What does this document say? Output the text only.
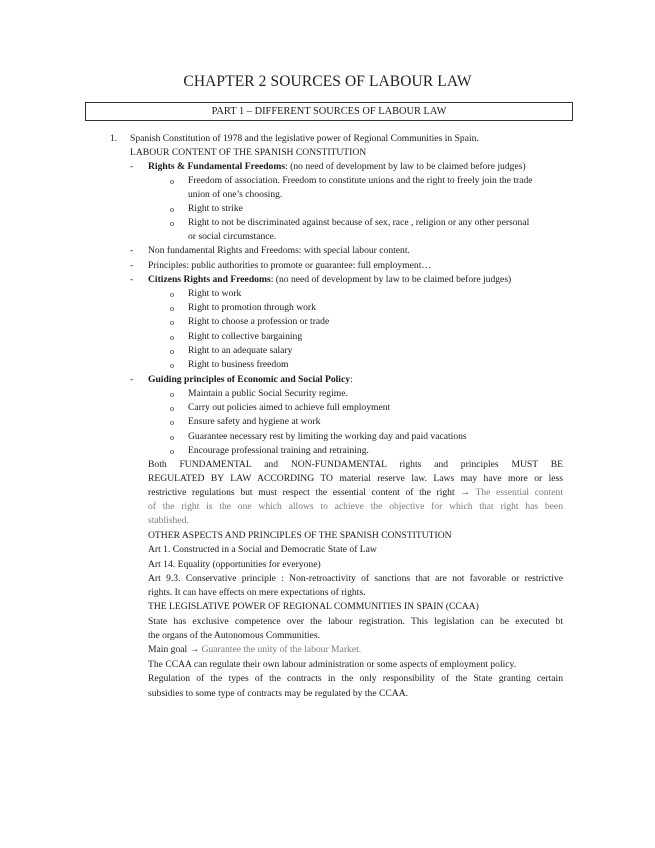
CHAPTER 2 SOURCES OF LABOUR LAW
PART 1 – DIFFERENT SOURCES OF LABOUR LAW
1. Spanish Constitution of 1978 and the legislative power of Regional Communities in Spain.
LABOUR CONTENT OF THE SPANISH CONSTITUTION
- Rights & Fundamental Freedoms: (no need of development by law to be claimed before judges)
o Freedom of association. Freedom to constitute unions and the right to freely join the trade
union of one’s choosing.
o Right to strike
o Right to not be discriminated against because of sex, race , religion or any other personal
or social circumstance.
- Non fundamental Rights and Freedoms: with special labour content.
- Principles: public authorities to promote or guarantee: full employment…
- Citizens Rights and Freedoms: (no need of development by law to be claimed before judges)
o Right to work
o Right to promotion through work
o Right to choose a profession or trade
o Right to collective bargaining
o Right to an adequate salary
o Right to business freedom
- Guiding principles of Economic and Social Policy:
o Maintain a public Social Security regime.
o Carry out policies aimed to achieve full employment
o Ensure safety and hygiene at work
o Guarantee necessary rest by limiting the working day and paid vacations
o Encourage professional training and retraining.
Both FUNDAMENTAL and NON-FUNDAMENTAL rights and principles MUST BE
REGULATED BY LAW ACCORDING TO material reserve law. Laws may have more or less
restrictive regulations but must respect the essential content of the right → The essential content
of the right is the one which allows to achieve the objective for which that right has been
stablished.
OTHER ASPECTS AND PRINCIPLES OF THE SPANISH CONSTITUTION
Art 1. Constructed in a Social and Democratic State of Law
Art 14. Equality (opportunities for everyone)
Art 9.3. Conservative principle : Non-retroactivity of sanctions that are not favorable or restrictive
rights. It can have effects on mere expectations of rights.
THE LEGISLATIVE POWER OF REGIONAL COMMUNITIES IN SPAIN (CCAA)
State has exclusive competence over the labour registration. This legislation can be executed bt
the organs of the Autonomous Communities.
Main goal → Guarantee the unity of the labour Market.
The CCAA can regulate their own labour administration or some aspects of employment policy.
Regulation of the types of the contracts in the only responsibility of the State granting certain
subsidies to some type of contracts may be regulated by the CCAA.
